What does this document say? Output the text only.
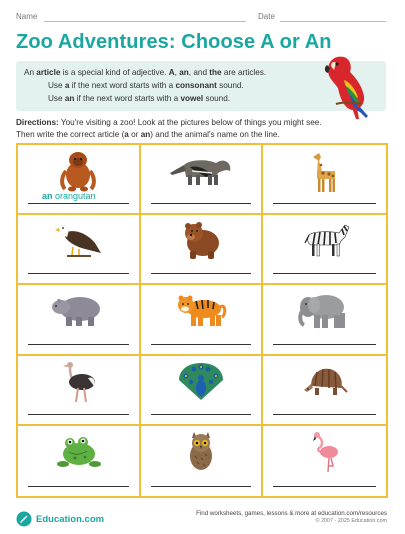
Name	Date
Zoo Adventures: Choose A or An
An article is a special kind of adjective. A, an, and the are articles.
Use a if the next word starts with a consonant sound.
Use an if the next word starts with a vowel sound.
Directions: You're visiting a zoo! Look at the pictures below of things you might see.
Then write the correct article (a or an) and the animal's name on the line.
an orangutan
Education.com	Find worksheets, games, lessons & more at education.com/resources
© 2007 - 2025 Education.com
